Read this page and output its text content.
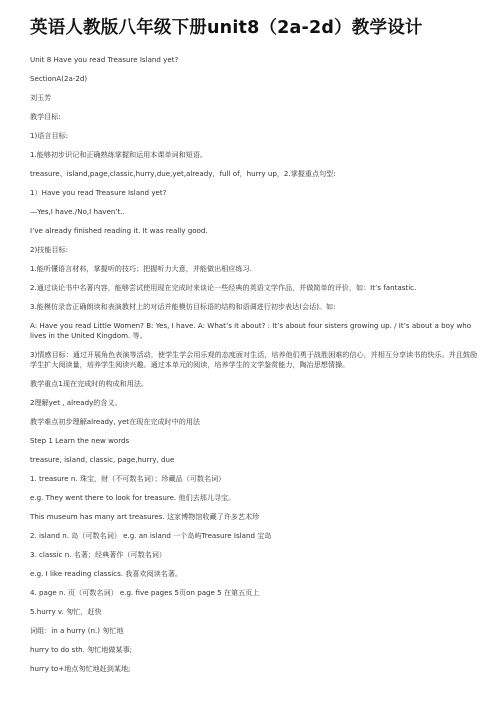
英语人教版八年级下册unit8（2a-2d）教学设计

Unit 8 Have you read Treasure Island yet?

SectionA(2a-2d)

刘玉芳

教学目标:

1)语言目标:

1.能够初步识记和正确熟练掌握和运用本课单词和短语。

treasure、island,page,classic,hurry,due,yet,already，full of，hurry up，2.掌握重点句型:

1）Have you read Treasure Island yet?

—Yes,I have./No,I haven’t..

I’ve already finished reading it. It was really good.

2)技能目标:

1.能听懂语言材料，掌握听的技巧；把握听力大意，并能做出相应练习.

2.通过谈论书中名著内容，能够尝试使用现在完成时来谈论一些经典的英语文学作品，并做简单的评价，如：It’s fantastic.

3.能模仿录音正确朗读和表演教材上的对话并能模仿目标语的结构和语调进行初步表达(会话)。如:

A: Have you read Little Women? B: Yes, I have. A: What’s it about? : It’s about four sisters growing up. / It’s about a boy who lives in the United Kingdom. 等。

3)情感目标：通过开展角色表演等活动，使学生学会用乐观的态度面对生活，培养他们勇于战胜困难的信心，并相互分享读书的快乐。并且鼓励学生扩大阅读量，培养学生阅读兴趣。通过本单元的阅读，培养学生的文学鉴赏能力，陶冶思想情操。

教学重点1现在完成时的构成和用法。

2理解yet , already的含义。

教学难点初步理解already, yet在现在完成时中的用法

Step 1 Learn the new words

treasure, island, classic, page,hurry, due

1. treasure n. 珠宝，财（不可数名词）；珍藏品（可数名词）

e.g. They went there to look for treasure. 他们去那儿寻宝。

This museum has many art treasures. 这家博物馆收藏了许多艺术珍

2. island n. 岛（可数名词） e.g. an island 一个岛屿Treasure Island 宝岛

3. classic n. 名著；经典著作（可数名词）

e.g. I like reading classics. 我喜欢阅读名著。

4. page n. 页（可数名词） e.g. five pages 5页on page 5 在第五页上

5.hurry v. 匆忙，赶快

词组：in a hurry (n.) 匆忙地

hurry to do sth. 匆忙地做某事;

hurry to+地点匆忙地赶到某地;
